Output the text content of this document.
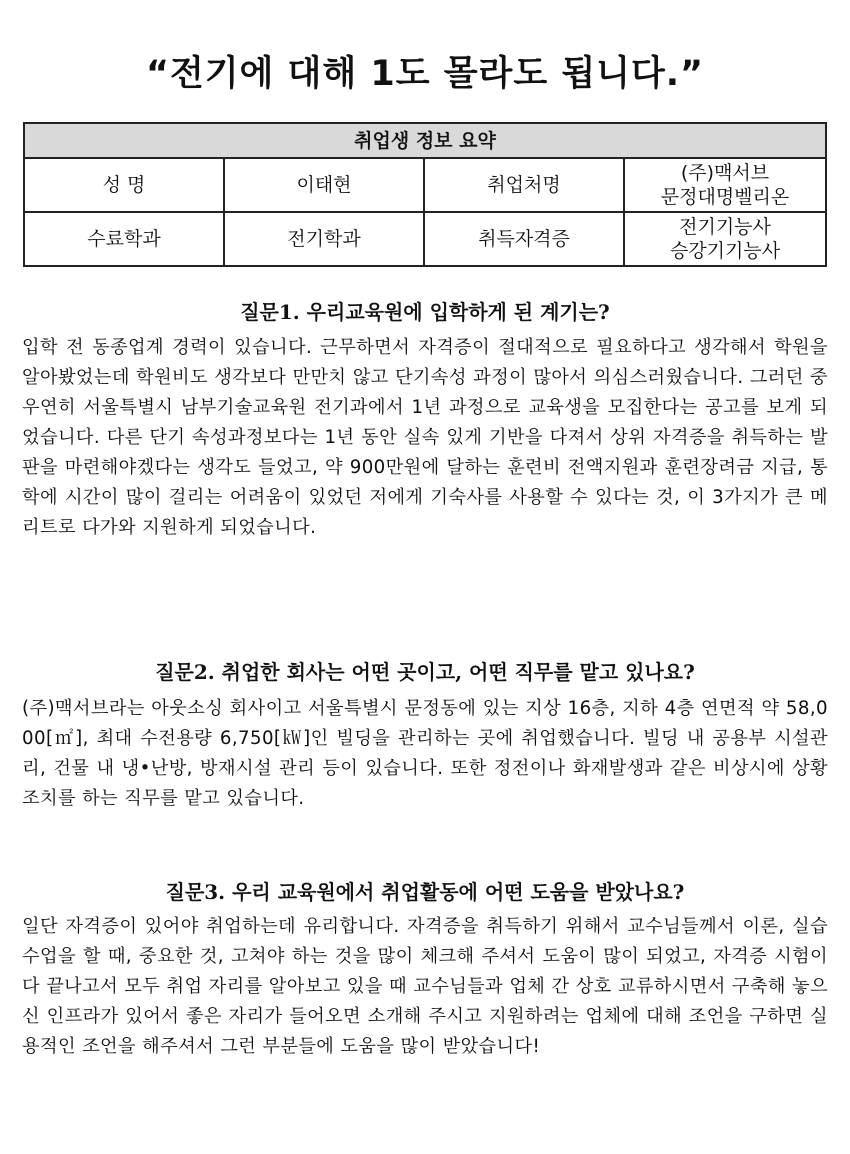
“전기에 대해 1도 몰라도 됩니다.”
취업생 정보 요약			
성 명	이태현	취업처명	(주)맥서브
문정대명벨리온

수료학과	전기학과	취득자격증	전기기능사
승강기기능사
질문1. 우리교육원에 입학하게 된 계기는?
입학 전 동종업계 경력이 있습니다. 근무하면서 자격증이 절대적으로 필요하다고 생각해서 학원을 알아봤었는데 학원비도 생각보다 만만치 않고 단기속성 과정이 많아서 의심스러웠습니다. 그러던 중 우연히 서울특별시 남부기술교육원 전기과에서 1년 과정으로 교육생을 모집한다는 공고를 보게 되었습니다. 다른 단기 속성과정보다는 1년 동안 실속 있게 기반을 다져서 상위 자격증을 취득하는 발판을 마련해야겠다는 생각도 들었고, 약 900만원에 달하는 훈련비 전액지원과 훈련장려금 지급, 통학에 시간이 많이 걸리는 어려움이 있었던 저에게 기숙사를 사용할 수 있다는 것, 이 3가지가 큰 메리트로 다가와 지원하게 되었습니다.
질문2. 취업한 회사는 어떤 곳이고, 어떤 직무를 맡고 있나요?
(주)맥서브라는 아웃소싱 회사이고 서울특별시 문정동에 있는 지상 16층, 지하 4층 연면적 약 58,000[㎡], 최대 수전용량 6,750[㎾]인 빌딩을 관리하는 곳에 취업했습니다. 빌딩 내 공용부 시설관리, 건물 내 냉•난방, 방재시설 관리 등이 있습니다. 또한 정전이나 화재발생과 같은 비상시에 상황조치를 하는 직무를 맡고 있습니다.
질문3. 우리 교육원에서 취업활동에 어떤 도움을 받았나요?
일단 자격증이 있어야 취업하는데 유리합니다. 자격증을 취득하기 위해서 교수님들께서 이론, 실습수업을 할 때, 중요한 것, 고쳐야 하는 것을 많이 체크해 주셔서 도움이 많이 되었고, 자격증 시험이 다 끝나고서 모두 취업 자리를 알아보고 있을 때 교수님들과 업체 간 상호 교류하시면서 구축해 놓으신 인프라가 있어서 좋은 자리가 들어오면 소개해 주시고 지원하려는 업체에 대해 조언을 구하면 실용적인 조언을 해주셔서 그런 부분들에 도움을 많이 받았습니다!
